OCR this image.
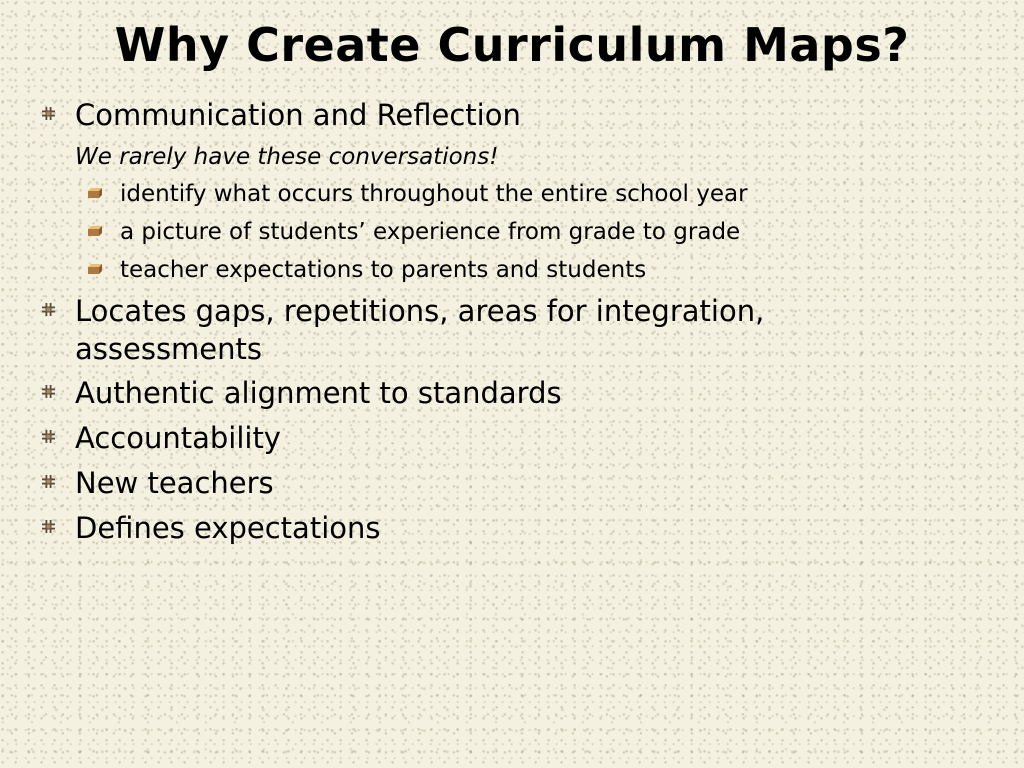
Why Create Curriculum Maps?
Communication and Reflection
We rarely have these conversations!
identify what occurs throughout the entire school year
a picture of students’ experience from grade to grade
teacher expectations to parents and students
Locates gaps, repetitions, areas for integration, assessments
Authentic alignment to standards
Accountability
New teachers
Defines expectations
